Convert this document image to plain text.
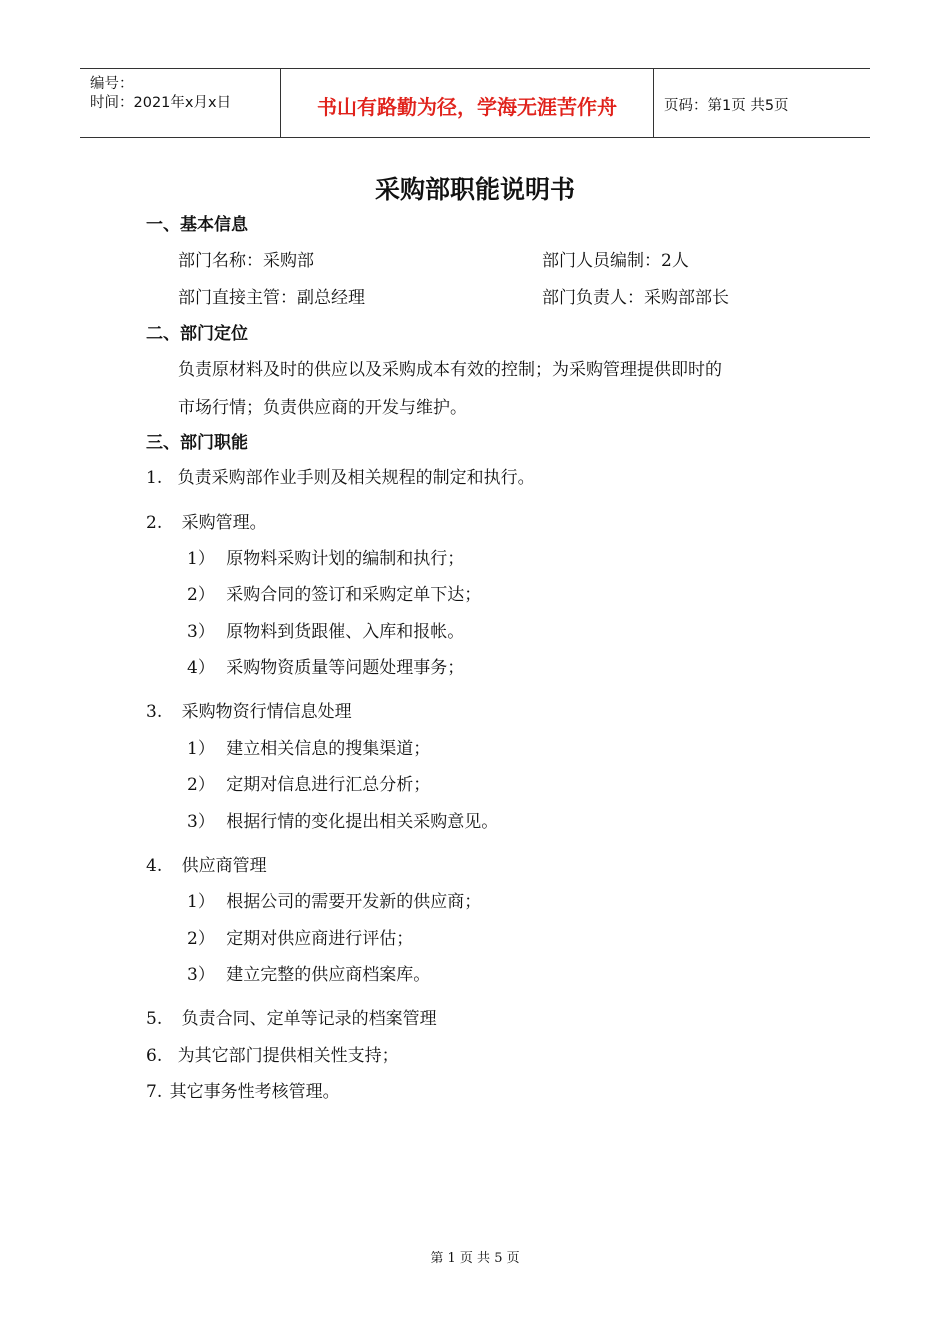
编号：
时间：2021年x月x日	书山有路勤为径，学海无涯苦作舟	页码：第1页 共5页
采购部职能说明书
一、基本信息
部门名称：采购部	部门人员编制：2人
部门直接主管：副总经理	部门负责人：采购部部长
二、部门定位
负责原材料及时的供应以及采购成本有效的控制；为采购管理提供即时的
市场行情；负责供应商的开发与维护。
三、部门职能
1. 负责采购部作业手则及相关规程的制定和执行。
2. 采购管理。
1） 原物料采购计划的编制和执行；
2） 采购合同的签订和采购定单下达；
3） 原物料到货跟催、入库和报帐。
4） 采购物资质量等问题处理事务；
3. 采购物资行情信息处理
1） 建立相关信息的搜集渠道；
2） 定期对信息进行汇总分析；
3） 根据行情的变化提出相关采购意见。
4. 供应商管理
1） 根据公司的需要开发新的供应商；
2） 定期对供应商进行评估；
3） 建立完整的供应商档案库。
5. 负责合同、定单等记录的档案管理
6. 为其它部门提供相关性支持；
7. 其它事务性考核管理。
第 1 页 共 5 页
